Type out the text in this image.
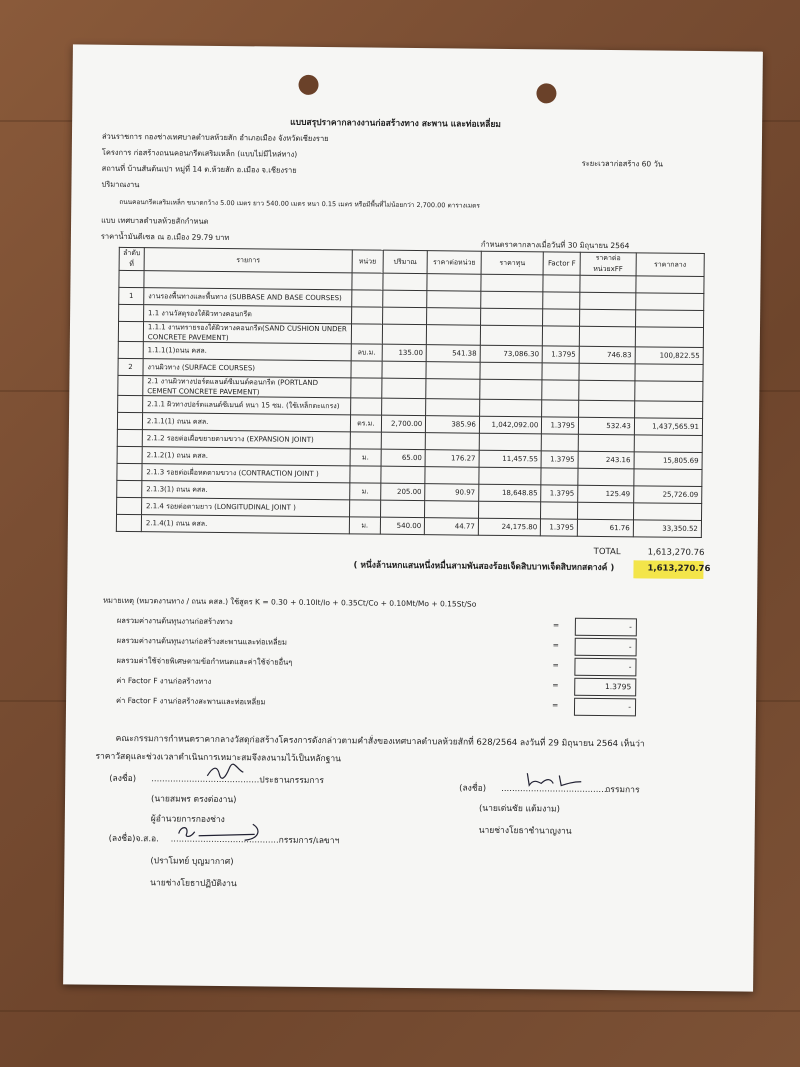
แบบสรุปราคากลางงานก่อสร้างทาง สะพาน และท่อเหลี่ยม
ส่วนราชการ กองช่างเทศบาลตำบลห้วยสัก อำเภอเมือง จังหวัดเชียงราย
โครงการ ก่อสร้างถนนคอนกรีตเสริมเหล็ก (แบบไม่มีไหล่ทาง)
ระยะเวลาก่อสร้าง 60 วัน
สถานที่ บ้านสันต้นเปา หมู่ที่ 14 ต.ห้วยสัก อ.เมือง จ.เชียงราย
ปริมาณงาน
ถนนคอนกรีตเสริมเหล็ก ขนาดกว้าง 5.00 เมตร ยาว 540.00 เมตร หนา 0.15 เมตร หรือมีพื้นที่ไม่น้อยกว่า 2,700.00 ตารางเมตร
แบบ เทศบาลตำบลห้วยสักกำหนด
ราคาน้ำมันดีเซล ณ อ.เมือง 29.79 บาท
กำหนดราคากลางเมื่อวันที่ 30 มิถุนายน 2564
ลำดับที่	รายการ	หน่วย	ปริมาณ	ราคาต่อหน่วย	ราคาทุน	Factor F	ราคาต่อหน่วยxFF	ราคากลาง

1	งานรองพื้นทางและพื้นทาง (SUBBASE AND BASE COURSES)							
	1.1 งานวัสดุรองใต้ผิวทางคอนกรีต							
	1.1.1 งานทรายรองใต้ผิวทางคอนกรีต(SAND CUSHION UNDER CONCRETE PAVEMENT)							
	1.1.1(1)ถนน คสล.	ลบ.ม.	135.00	541.38	73,086.30	1.3795	746.83	100,822.55
2	งานผิวทาง (SURFACE COURSES)							
	2.1 งานผิวทางปอร์ตแลนด์ซีเมนต์คอนกรีต (PORTLAND CEMENT CONCRETE PAVEMENT)							
	2.1.1 ผิวทางปอร์ตแลนด์ซีเมนต์ หนา 15 ซม. (ใช้เหล็กตะแกรง)							
	2.1.1(1) ถนน คสล.	ตร.ม.	2,700.00	385.96	1,042,092.00	1.3795	532.43	1,437,565.91
	2.1.2 รอยต่อเผื่อขยายตามขวาง (EXPANSION JOINT)							
	2.1.2(1) ถนน คสล.	ม.	65.00	176.27	11,457.55	1.3795	243.16	15,805.69
	2.1.3 รอยต่อเผื่อหดตามขวาง (CONTRACTION JOINT )							
	2.1.3(1) ถนน คสล.	ม.	205.00	90.97	18,648.85	1.3795	125.49	25,726.09
	2.1.4 รอยต่อตามยาว (LONGITUDINAL JOINT )							
	2.1.4(1) ถนน คสล.	ม.	540.00	44.77	24,175.80	1.3795	61.76	33,350.52
TOTAL	1,613,270.76
( หนึ่งล้านหกแสนหนึ่งหมื่นสามพันสองร้อยเจ็ดสิบบาทเจ็ดสิบหกสตางค์ )	1,613,270.76
หมายเหตุ (หมวดงานทาง / ถนน คสล.) ใช้สูตร K = 0.30 + 0.10It/Io + 0.35Ct/Co + 0.10Mt/Mo + 0.15St/So
ผลรวมค่างานต้นทุนงานก่อสร้างทาง	=	-
ผลรวมค่างานต้นทุนงานก่อสร้างสะพานและท่อเหลี่ยม	=	-
ผลรวมค่าใช้จ่ายพิเศษตามข้อกำหนดและค่าใช้จ่ายอื่นๆ	=	-
ค่า Factor F งานก่อสร้างทาง	=	1.3795
ค่า Factor F งานก่อสร้างสะพานและท่อเหลี่ยม	=	-
คณะกรรมการกำหนดราคากลางวัสดุก่อสร้างโครงการดังกล่าวตามคำสั่งของเทศบาลตำบลห้วยสักที่ 628/2564 ลงวันที่ 29 มิถุนายน 2564 เห็นว่า
ราคาวัสดุและช่วงเวลาดำเนินการเหมาะสมจึงลงนามไว้เป็นหลักฐาน
(ลงชื่อ) ........................................ ประธานกรรมการ
(นายสมพร ตรงต่องาน)
ผู้อำนวยการกองช่าง
(ลงชื่อ) ........................................
กรรมการ
(นายเด่นชัย แต้มงาม)
นายช่างโยธาชำนาญงาน
(ลงชื่อ)จ.ส.อ. ........................................ กรรมการ/เลขาฯ
(ปราโมทย์ บุญมากาศ)
นายช่างโยธาปฏิบัติงาน
